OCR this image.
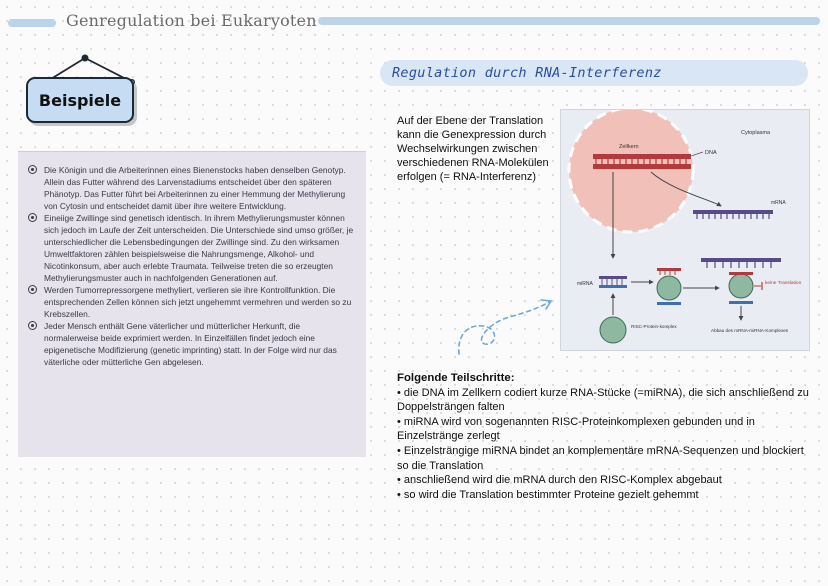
Genregulation bei Eukaryoten
Beispiele
Regulation durch RNA-Interferenz
Die Königin und die Arbeiterinnen eines Bienenstocks haben denselben Genotyp. Allein das Futter während des Larvenstadiums entscheidet über den späteren Phänotyp. Das Futter führt bei Arbeiterinnen zu einer Hemmung der Methylierung von Cytosin und entscheidet damit über ihre weitere Entwicklung.
Eineiige Zwillinge sind genetisch identisch. In ihrem Methylierungsmuster können sich jedoch im Laufe der Zeit unterscheiden. Die Unterschiede sind umso größer, je unterschiedlicher die Lebensbedingungen der Zwillinge sind. Zu den wirksamen Umweltfaktoren zählen beispielsweise die Nahrungsmenge, Alkohol- und Nicotinkonsum, aber auch erlebte Traumata. Teilweise treten die so erzeugten Methylierungsmuster auch in nachfolgenden Generationen auf.
Werden Tumorrepressorgene methyliert, verlieren sie ihre Kontrollfunktion. Die entsprechenden Zellen können sich jetzt ungehemmt vermehren und werden so zu Krebszellen.
Jeder Mensch enthält Gene väterlicher und mütterlicher Herkunft, die normalerweise beide exprimiert werden. In Einzelfällen findet jedoch eine epigenetische Modifizierung (genetic imprinting) statt. In der Folge wird nur das väterliche oder mütterliche Gen abgelesen.
Auf der Ebene der Translation kann die Genexpression durch Wechselwirkungen zwischen verschiedenen RNA-Molekülen erfolgen (= RNA-Interferenz)
DNA
Zellkern
Cytoplasma
mRNA
miRNA
RISC-Protein-komplex
keine Translation
Abbau des mRNA-miRNA-Komplexes
Folgende Teilschritte:
• die DNA im Zellkern codiert kurze RNA-Stücke (=miRNA), die sich anschließend zu Doppelsträngen falten
• miRNA wird von sogenannten RISC-Proteinkomplexen gebunden und in Einzelstränge zerlegt
• Einzelsträngige miRNA bindet an komplementäre mRNA-Sequenzen und blockiert so die Translation
• anschließend wird die mRNA durch den RISC-Komplex abgebaut
• so wird die Translation bestimmter Proteine gezielt gehemmt
